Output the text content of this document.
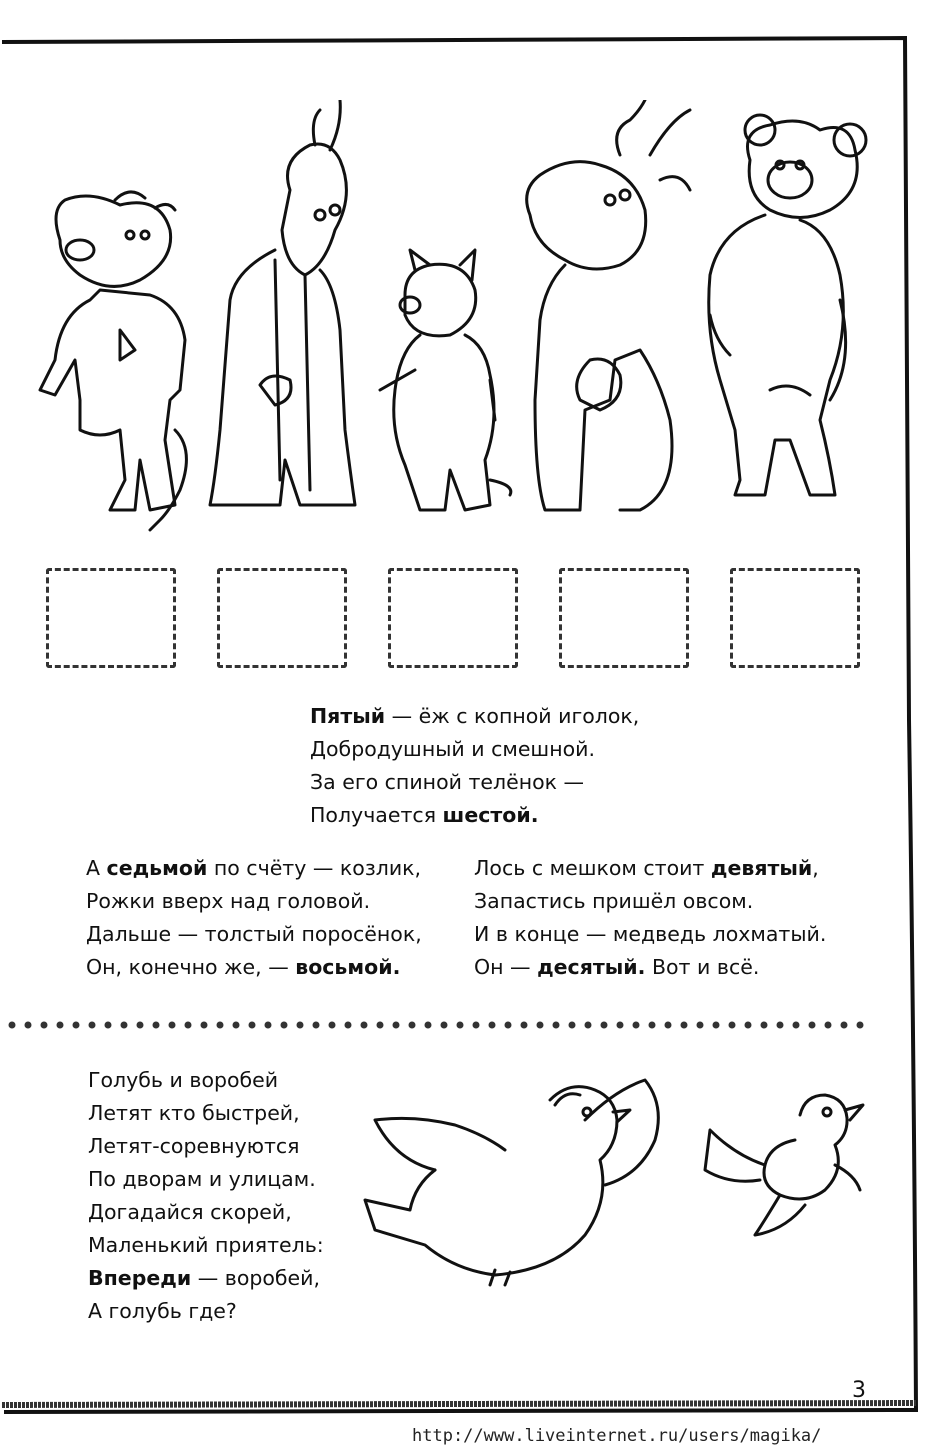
Пятый — ёж с копной иголок,
Добродушный и смешной.
За его спиной телёнок —
Получается шестой.
А седьмой по счёту — козлик,
Рожки вверх над головой.
Дальше — толстый поросёнок,
Он, конечно же, — восьмой.
Лось с мешком стоит девятый,
Запастись пришёл овсом.
И в конце — медведь лохматый.
Он — десятый. Вот и всё.
Голубь и воробей
Летят кто быстрей,
Летят-соревнуются
По дворам и улицам.
Догадайся скорей,
Маленький приятель:
Впереди — воробей,
А голубь где?
3
http://www.liveinternet.ru/users/magika/
